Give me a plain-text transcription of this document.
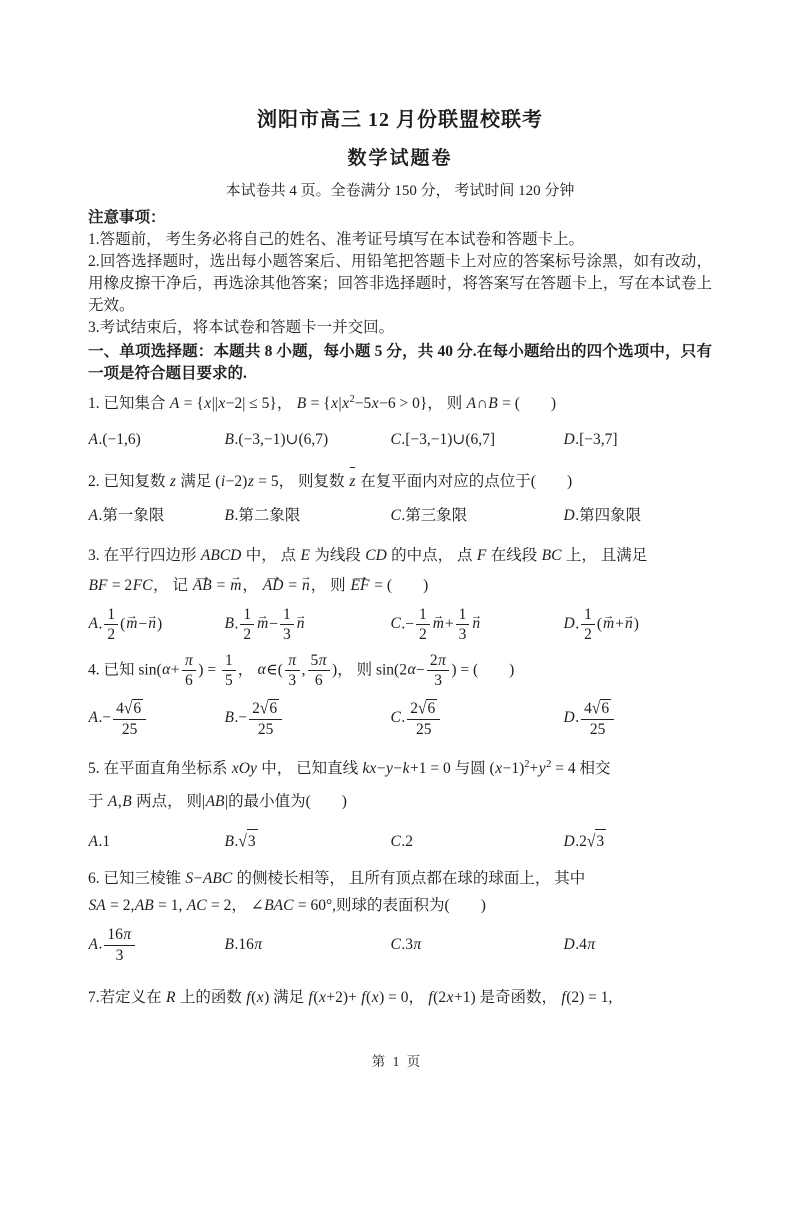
浏阳市高三 12 月份联盟校联考
数学试题卷
本试卷共 4 页。全卷满分 150 分， 考试时间 120 分钟
注意事项：
1.答题前， 考生务必将自己的姓名、准考证号填写在本试卷和答题卡上。
2.回答选择题时，选出每小题答案后、用铅笔把答题卡上对应的答案标号涂黑，如有改动，用橡皮擦干净后，再选涂其他答案；回答非选择题时，将答案写在答题卡上，写在本试卷上无效。
3.考试结束后，将本试卷和答题卡一并交回。
一、单项选择题：本题共 8 小题，每小题 5 分，共 40 分.在每小题给出的四个选项中，只有一项是符合题目要求的.
1. 已知集合 A = {x||x−2| ≤ 5}， $B = \{x|x^2-5x-6 > 0\}$， 则 A∩B = (　　)
A.(−1,6)	B.(−3,−1)∪(6,7)	C.[−3,−1)∪(6,7]	D.[−3,7]
2. 已知复数 z 满足 (i−2)z = 5， 则复数 z 在复平面内对应的点位于(　　)
A.第一象限	B.第二象限	C.第三象限	D.第四象限
3. 在平行四边形 ABCD 中， 点 E 为线段 CD 的中点， 点 F 在线段 BC 上， 且满足
BF = 2FC， 记 AB → = m →， AD → = n →， 则 EF → = (　　)
A. $\frac{1}{2} (m \to-n$ →)	B. $\frac{1}{2}$ $m \to- \frac{1}{3}$ n →	$C.- \frac{1}{2}$ $m \to+ \frac{1}{3}$ n →	D. $\frac{1}{2} (m \to+n$ →)
4. 已知 $\sin(\alpha+ \frac{\pi}{6}$ ) = $\frac{1}{5}$ ， α∈( $\frac{\pi}{3}$ , $\frac{5\pi}{6}$ )， 则 $\sin(2\alpha- \frac{2\pi}{3}$ ) = (　　)
$A.- \frac{4√6}{25}$	$B.- \frac{2√6}{25}$	C. $\frac{2√6}{25}$	D. $\frac{4√6}{25}$
5. 在平面直角坐标系 xOy 中， 已知直线 kx−y−k+1 = 0 与圆 $(x-1)^2+y^2 = 4$ 相交
于 A,B 两点， 则|AB|的最小值为(　　)
A.1	B.√3	C.2	D.2√3
6. 已知三棱锥 S−ABC 的侧棱长相等， 且所有顶点都在球的球面上， 其中
SA = 2,AB = 1, AC = 2， ∠BAC = 60°,则球的表面积为(　　)
A. $\frac{16\pi}{3}$	B.16π	C.3π	D.4π
7.若定义在 R 上的函数 f(x) 满足 f(x+2)+ f(x) = 0， f(2x+1) 是奇函数， f(2) = 1,
第 1 页
